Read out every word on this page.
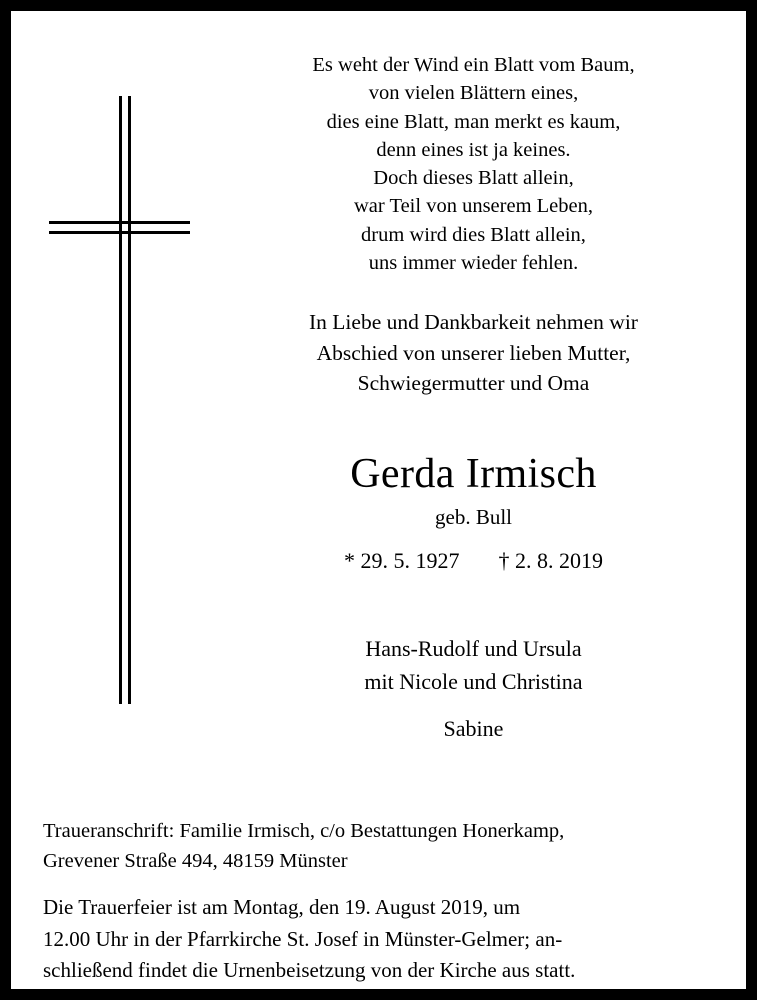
Es weht der Wind ein Blatt vom Baum,
von vielen Blättern eines,
dies eine Blatt, man merkt es kaum,
denn eines ist ja keines.
Doch dieses Blatt allein,
war Teil von unserem Leben,
drum wird dies Blatt allein,
uns immer wieder fehlen.
In Liebe und Dankbarkeit nehmen wir
Abschied von unserer lieben Mutter,
Schwiegermutter und Oma
Gerda Irmisch
geb. Bull
* 29. 5. 1927 † 2. 8. 2019
Hans-Rudolf und Ursula
mit Nicole und Christina
Sabine
Traueranschrift: Familie Irmisch, c/o Bestattungen Honerkamp,
Grevener Straße 494, 48159 Münster
Die Trauerfeier ist am Montag, den 19. August 2019, um
12.00 Uhr in der Pfarrkirche St. Josef in Münster-Gelmer; an-
schließend findet die Urnenbeisetzung von der Kirche aus statt.
